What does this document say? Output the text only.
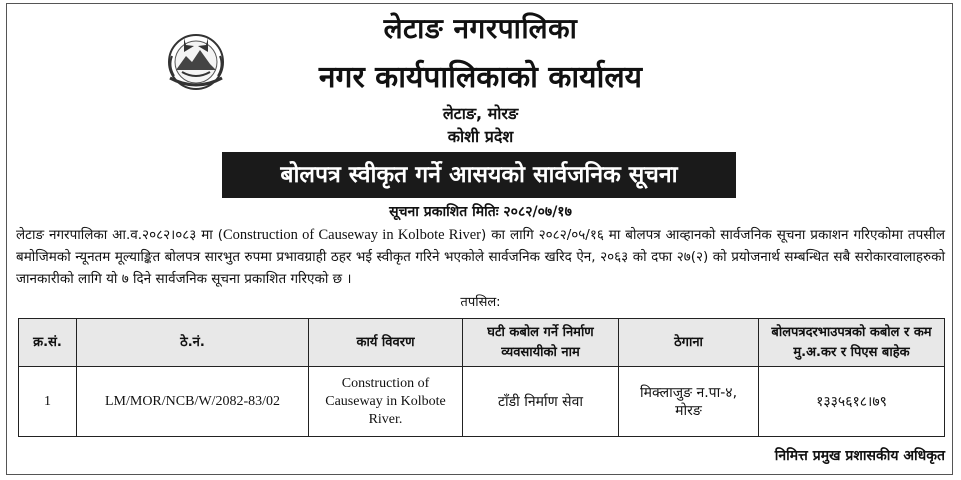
लेटाङ नगरपालिका
नगर कार्यपालिकाको कार्यालय
लेटाङ, मोरङ
कोशी प्रदेश
बोलपत्र स्वीकृत गर्ने आसयको सार्वजनिक सूचना
सूचना प्रकाशित मितिः २०८२/०७/१७
लेटाङ नगरपालिका आ.व.२०८२।०८३ मा (Construction of Causeway in Kolbote River) का लागि २०८२/०५/१६ मा बोलपत्र आव्हानको सार्वजनिक सूचना प्रकाशन गरिएकोमा तपसील बमोजिमको न्यूनतम मूल्याङ्कित बोलपत्र सारभुत रुपमा प्रभावग्राही ठहर भई स्वीकृत गरिने भएकोले सार्वजनिक खरिद ऐन, २०६३ को दफा २७(२) को प्रयोजनार्थ सम्बन्धित सबै सरोकारवालाहरुको जानकारीको लागि यो ७ दिने सार्वजनिक सूचना प्रकाशित गरिएको छ ।
तपसिल:
क्र.सं.	ठे.नं.	कार्य विवरण	घटी कबोल गर्ने निर्माण व्यवसायीको नाम	ठेगाना	बोलपत्रदरभाउपत्रको कबोल र कम मु.अ.कर र पिएस बाहेक
1	LM/MOR/NCB/W/2082-83/02	Construction of Causeway in Kolbote River.	टाँडी निर्माण सेवा	मिक्लाजुङ न.पा-४, मोरङ	१३३५६१८।७९
निमित्त प्रमुख प्रशासकीय अधिकृत
